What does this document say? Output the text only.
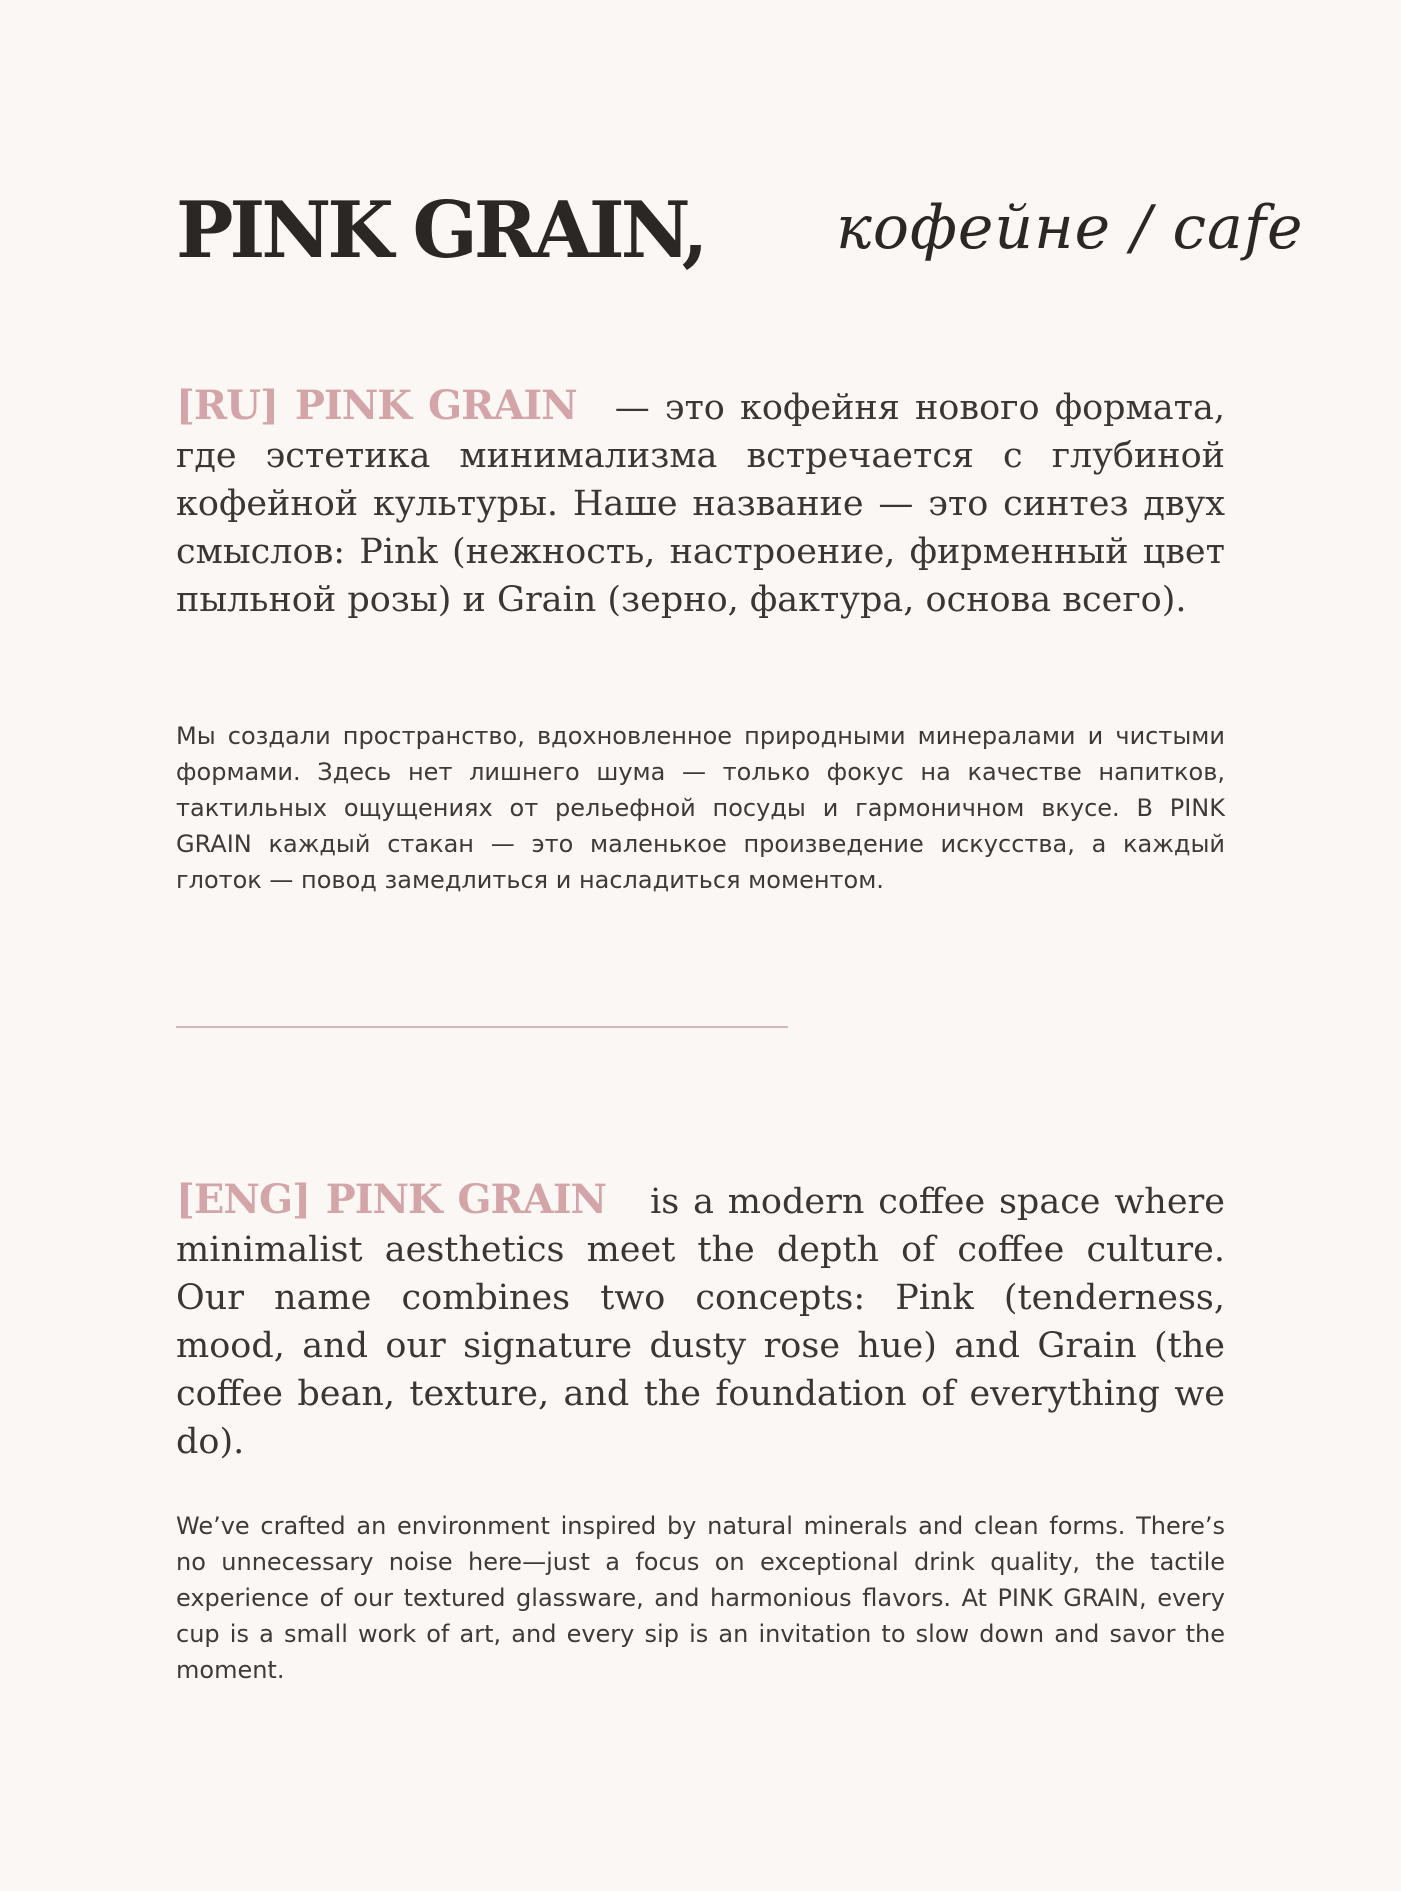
PINK GRAIN, кофейне / cafe

[RU] PINK GRAIN — это кофейня нового формата, где эстетика минимализма встречается с глубиной кофейной культуры. Наше название — это синтез двух смыслов: Pink (нежность, настроение, фирменный цвет пыльной розы) и Grain (зерно, фактура, основа всего).

Мы создали пространство, вдохновленное природными минералами и чистыми формами. Здесь нет лишнего шума — только фокус на качестве напитков, тактильных ощущениях от рельефной посуды и гармоничном вкусе. В PINK GRAIN каждый стакан — это маленькое произведение искусства, а каждый глоток — повод замедлиться и насладиться моментом.

[ENG] PINK GRAIN is a modern coffee space where minimalist aesthetics meet the depth of coffee culture. Our name combines two concepts: Pink (tenderness, mood, and our signature dusty rose hue) and Grain (the coffee bean, texture, and the foundation of everything we do).

We’ve crafted an environment inspired by natural minerals and clean forms. There’s no unnecessary noise here—just a focus on exceptional drink quality, the tactile experience of our textured glassware, and harmonious flavors. At PINK GRAIN, every cup is a small work of art, and every sip is an invitation to slow down and savor the moment.
